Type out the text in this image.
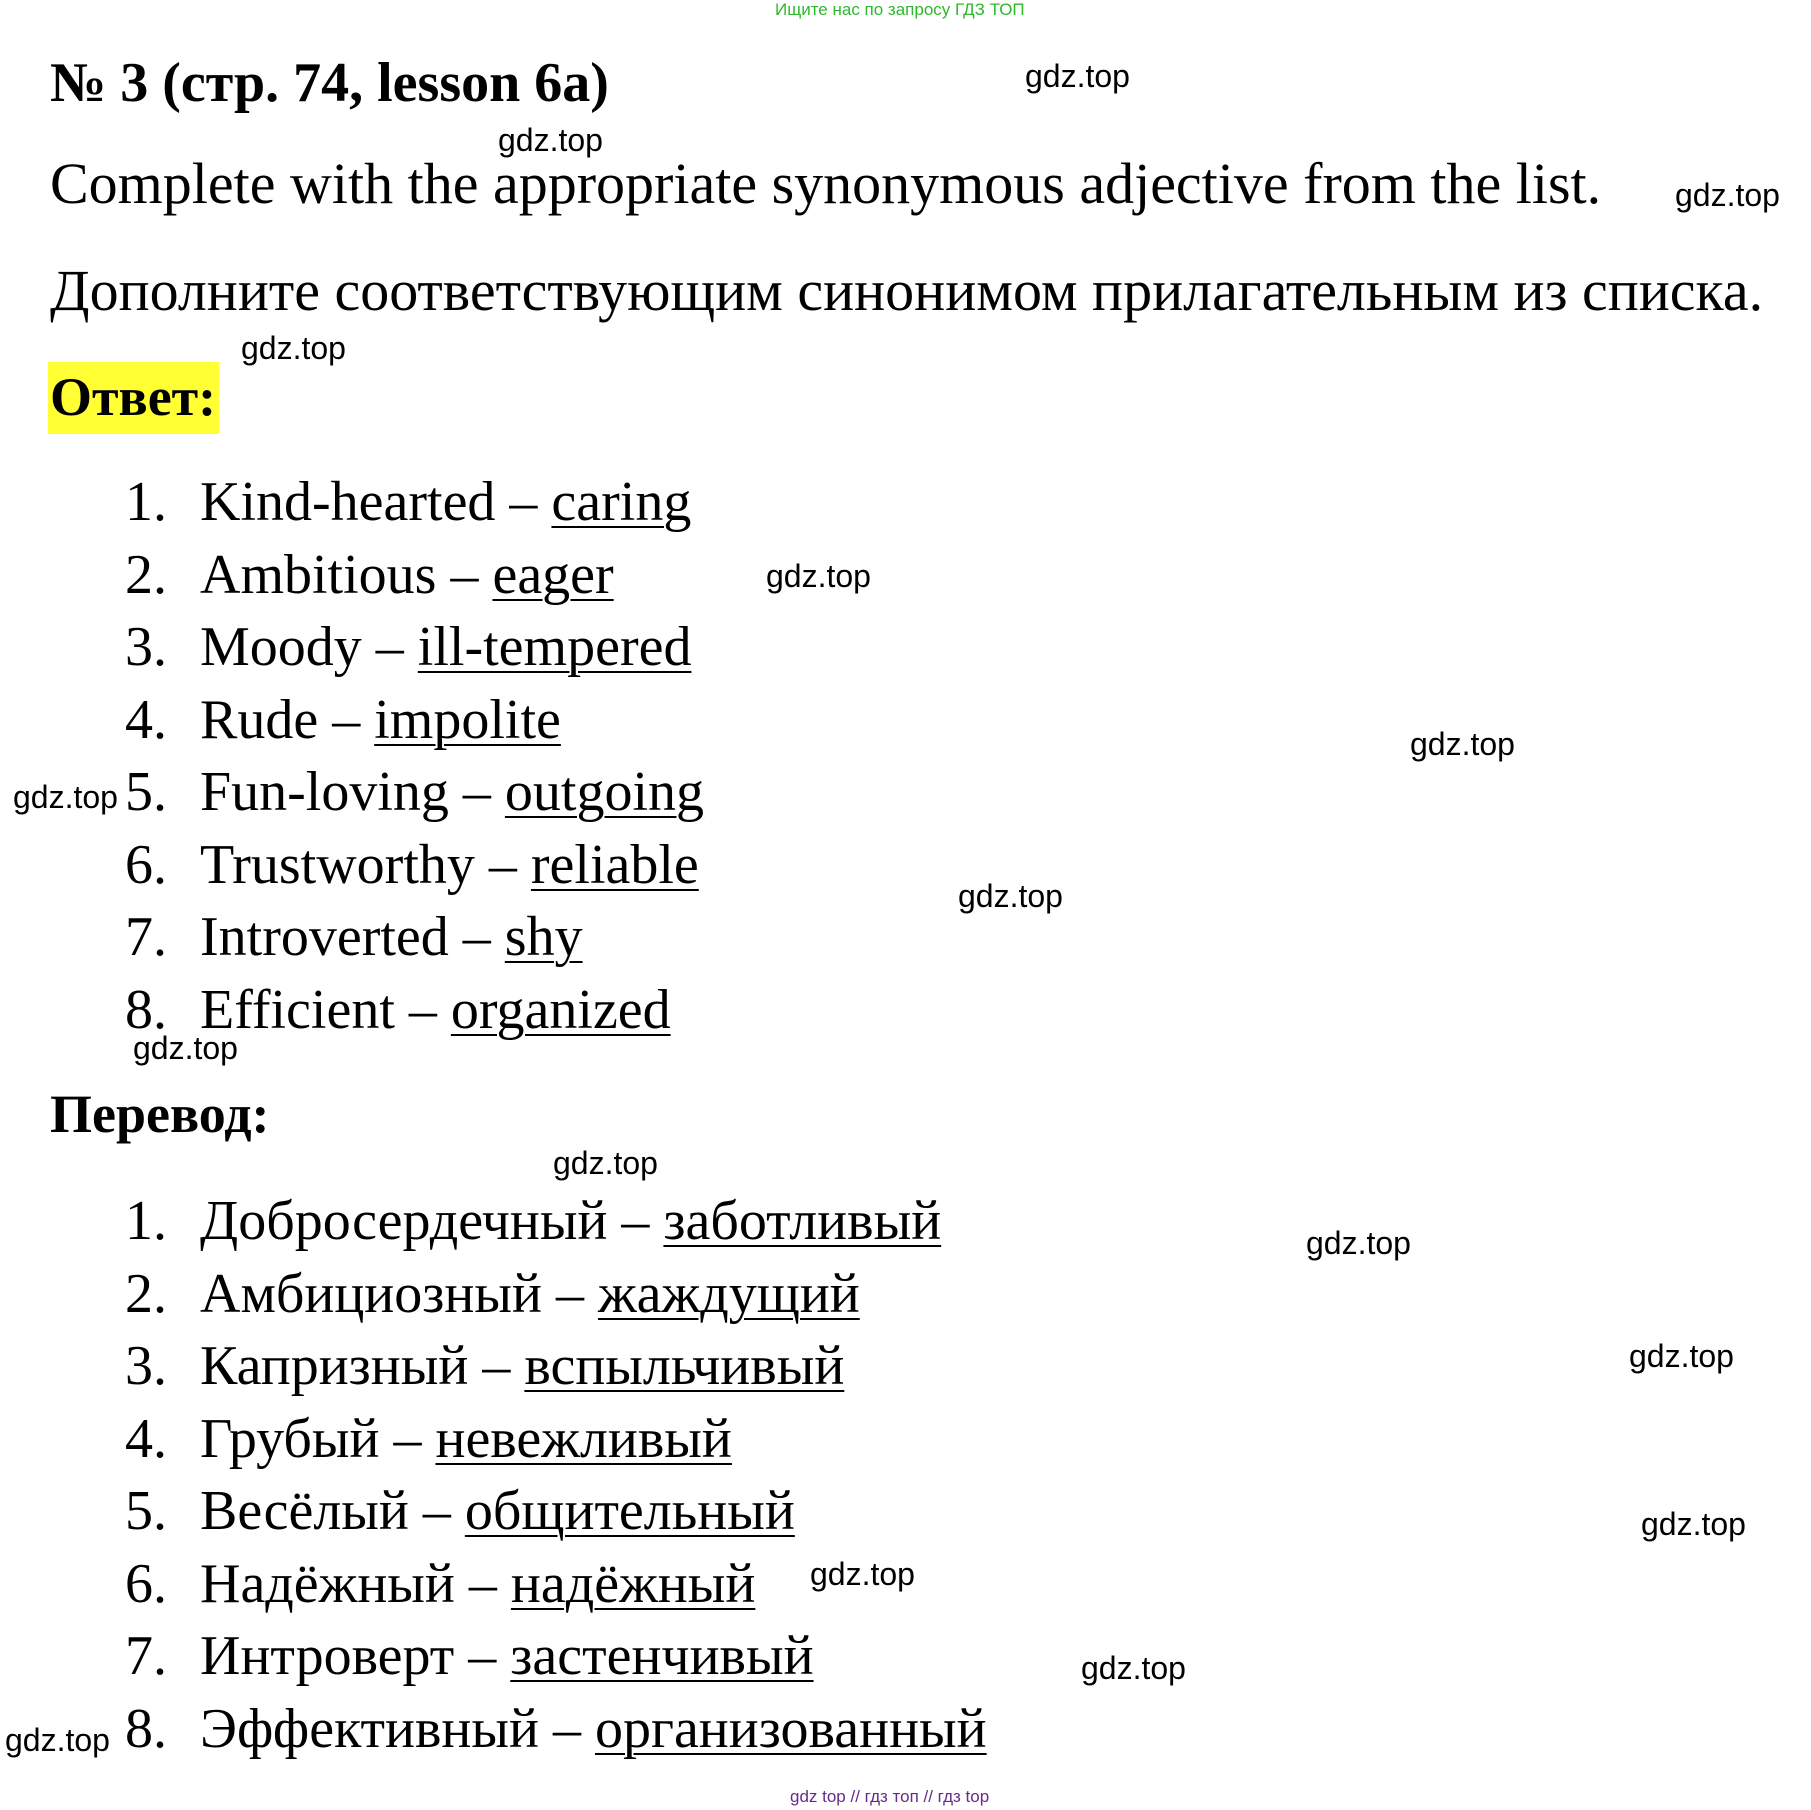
Ищите нас по запросу ГДЗ ТОП
№ 3 (стр. 74, lesson 6a)
Complete with the appropriate synonymous adjective from the list.
Дополните соответствующим синонимом прилагательным из списка.
Ответ:
1. Kind-hearted – caring
2. Ambitious – eager
3. Moody – ill-tempered
4. Rude – impolite
5. Fun-loving – outgoing
6. Trustworthy – reliable
7. Introverted – shy
8. Efficient – organized
Перевод:
1. Добросердечный – заботливый
2. Амбициозный – жаждущий
3. Капризный – вспыльчивый
4. Грубый – невежливый
5. Весёлый – общительный
6. Надёжный – надёжный
7. Интроверт – застенчивый
8. Эффективный – организованный
gdz.top
gdz.top
gdz.top
gdz.top
gdz.top
gdz.top
gdz.top
gdz.top
gdz.top
gdz.top
gdz.top
gdz.top
gdz.top
gdz.top
gdz.top
gdz.top
gdz top // гдз топ // гдз top
